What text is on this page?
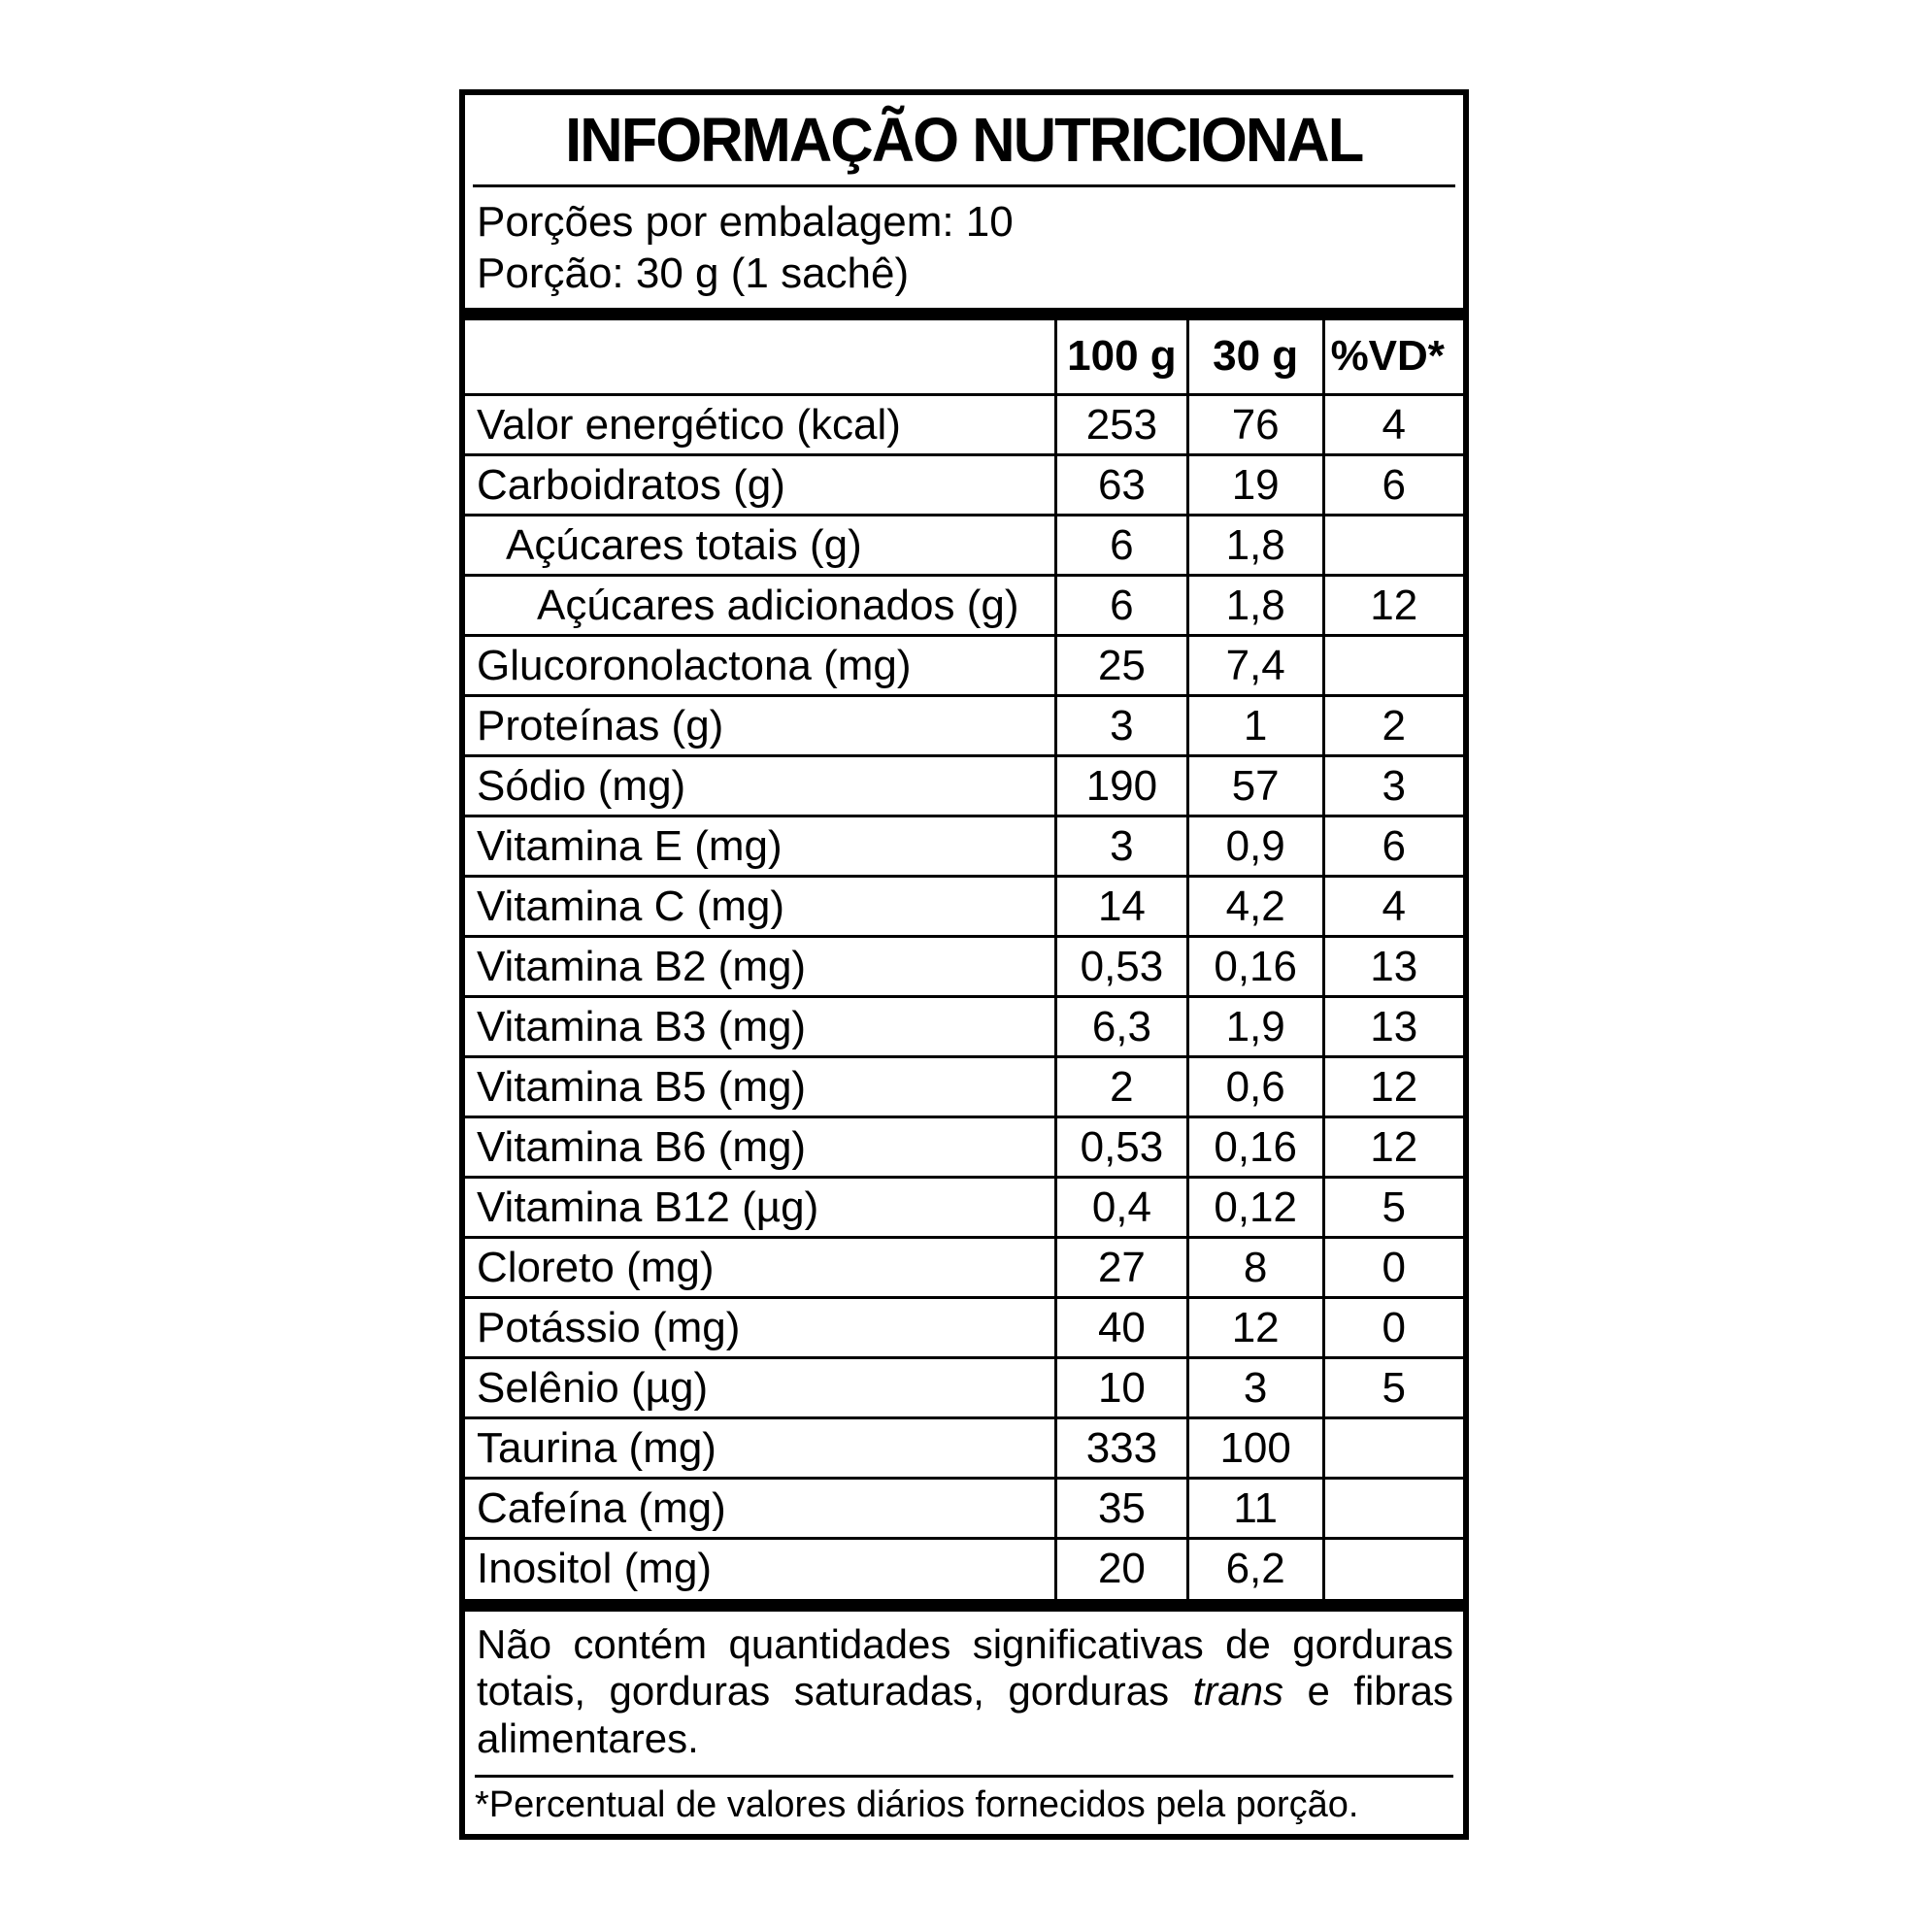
INFORMAÇÃO NUTRICIONAL
Porções por embalagem: 10
Porção: 30 g (1 sachê)
	100 g	30 g	%VD*
Valor energético (kcal)	253	76	4
Carboidratos (g)	63	19	6
Açúcares totais (g)	6	1,8	
Açúcares adicionados (g)	6	1,8	12
Glucoronolactona (mg)	25	7,4	
Proteínas (g)	3	1	2
Sódio (mg)	190	57	3
Vitamina E (mg)	3	0,9	6
Vitamina C (mg)	14	4,2	4
Vitamina B2 (mg)	0,53	0,16	13
Vitamina B3 (mg)	6,3	1,9	13
Vitamina B5 (mg)	2	0,6	12
Vitamina B6 (mg)	0,53	0,16	12
Vitamina B12 (µg)	0,4	0,12	5
Cloreto (mg)	27	8	0
Potássio (mg)	40	12	0
Selênio (µg)	10	3	5
Taurina (mg)	333	100	
Cafeína (mg)	35	11	
Inositol (mg)	20	6,2	
Não contém quantidades significativas de gorduras totais, gorduras saturadas, gorduras trans e fibras alimentares.
*Percentual de valores diários fornecidos pela porção.
